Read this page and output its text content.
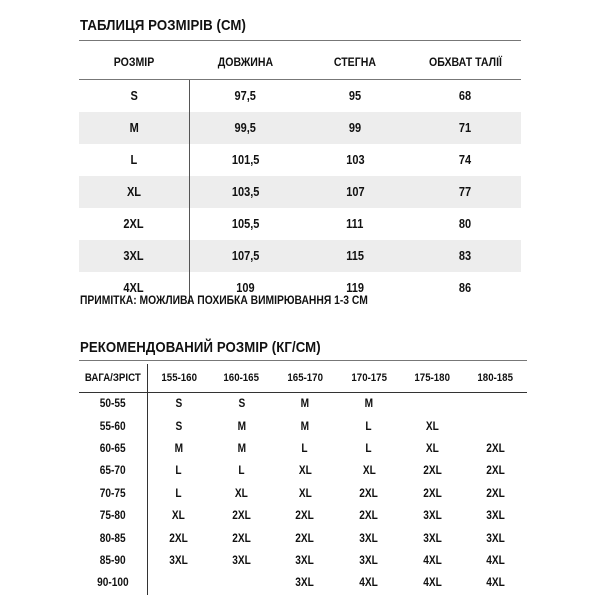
ТАБЛИЦЯ РОЗМІРІВ (СМ)
РОЗМІР	ДОВЖИНА	СТЕГНА	ОБХВАТ ТАЛІЇ
S	97,5	95	68
M	99,5	99	71
L	101,5	103	74
XL	103,5	107	77
2XL	105,5	111	80
3XL	107,5	115	83
4XL	109	119	86
ПРИМІТКА: МОЖЛИВА ПОХИБКА ВИМІРЮВАННЯ 1-3 СМ
РЕКОМЕНДОВАНИЙ РОЗМІР (КГ/СМ)
ВАГА/ЗРІСТ	155-160	160-165	165-170	170-175	175-180	180-185
50-55	S	S	M	M		
55-60	S	M	M	L	XL	
60-65	M	M	L	L	XL	2XL
65-70	L	L	XL	XL	2XL	2XL
70-75	L	XL	XL	2XL	2XL	2XL
75-80	XL	2XL	2XL	2XL	3XL	3XL
80-85	2XL	2XL	2XL	3XL	3XL	3XL
85-90	3XL	3XL	3XL	3XL	4XL	4XL
90-100			3XL	4XL	4XL	4XL
